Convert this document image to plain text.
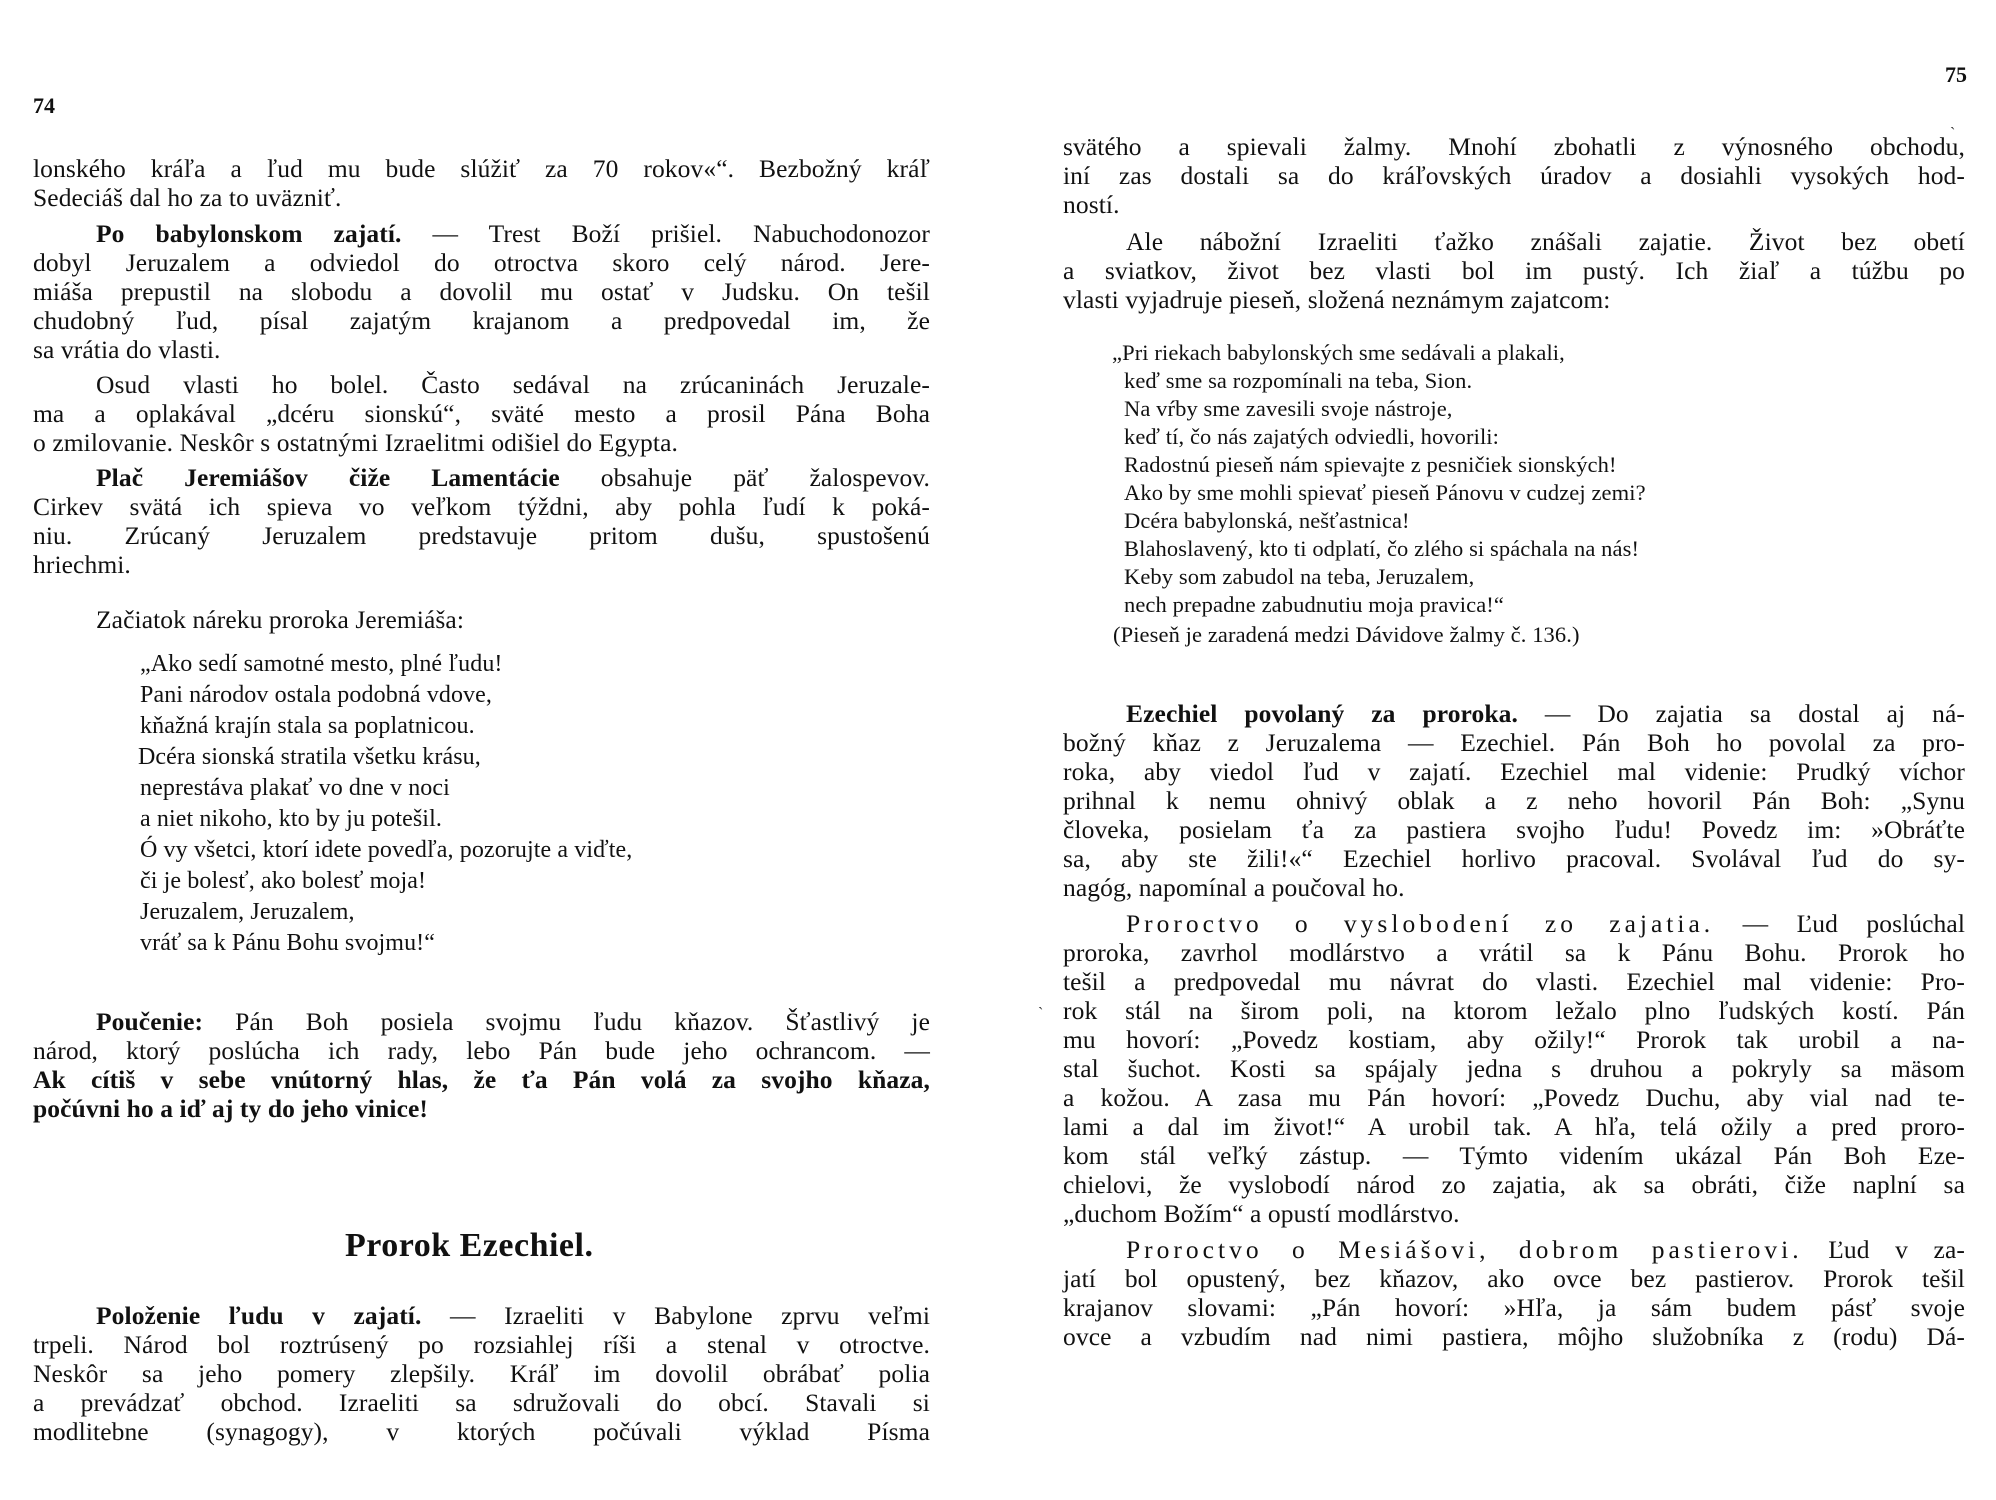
74
Prorok Ezechiel.
lonského kráľa a ľud mu bude slúžiť za 70 rokov«“. Bezbožný kráľ
Sedeciáš dal ho za to uväzniť.
Po babylonskom zajatí. — Trest Boží prišiel. Nabuchodonozor
dobyl Jeruzalem a odviedol do otroctva skoro celý národ. Jere-
miáša prepustil na slobodu a dovolil mu ostať v Judsku. On tešil
chudobný ľud, písal zajatým krajanom a predpovedal im, že
sa vrátia do vlasti.
Osud vlasti ho bolel. Často sedával na zrúcaninách Jeruzale-
ma a oplakával „dcéru sionskú“, sväté mesto a prosil Pána Boha
o zmilovanie. Neskôr s ostatnými Izraelitmi odišiel do Egypta.
Plač Jeremiášov čiže Lamentácie obsahuje päť žalospevov.
Cirkev svätá ich spieva vo veľkom týždni, aby pohla ľudí k poká-
niu. Zrúcaný Jeruzalem predstavuje pritom dušu, spustošenú
hriechmi.
Začiatok náreku proroka Jeremiáša:
„Ako sedí samotné mesto, plné ľudu!
Pani národov ostala podobná vdove,
kňažná krajín stala sa poplatnicou.
Dcéra sionská stratila všetku krásu,
neprestáva plakať vo dne v noci
a niet nikoho, kto by ju potešil.
Ó vy všetci, ktorí idete povedľa, pozorujte a viďte,
či je bolesť, ako bolesť moja!
Jeruzalem, Jeruzalem,
vráť sa k Pánu Bohu svojmu!“
Poučenie: Pán Boh posiela svojmu ľudu kňazov. Šťastlivý je
národ, ktorý poslúcha ich rady, lebo Pán bude jeho ochrancom. —
Ak cítiš v sebe vnútorný hlas, že ťa Pán volá za svojho kňaza,
počúvni ho a iď aj ty do jeho vinice!
Položenie ľudu v zajatí. — Izraeliti v Babylone zprvu veľmi
trpeli. Národ bol roztrúsený po rozsiahlej ríši a stenal v otroctve.
Neskôr sa jeho pomery zlepšily. Kráľ im dovolil obrábať polia
a prevádzať obchod. Izraeliti sa sdružovali do obcí. Stavali si
modlitebne (synagogy), v ktorých počúvali výklad Písma
75
ˎ
ˎ
svätého a spievali žalmy. Mnohí zbohatli z výnosného obchodu,
iní zas dostali sa do kráľovských úradov a dosiahli vysokých hod-
ností.
Ale nábožní Izraeliti ťažko znášali zajatie. Život bez obetí
a sviatkov, život bez vlasti bol im pustý. Ich žiaľ a túžbu po
vlasti vyjadruje pieseň, složená neznámym zajatcom:
„Pri riekach babylonských sme sedávali a plakali,
keď sme sa rozpomínali na teba, Sion.
Na vŕby sme zavesili svoje nástroje,
keď tí, čo nás zajatých odviedli, hovorili:
Radostnú pieseň nám spievajte z pesničiek sionských!
Ako by sme mohli spievať pieseň Pánovu v cudzej zemi?
Dcéra babylonská, nešťastnica!
Blahoslavený, kto ti odplatí, čo zlého si spáchala na nás!
Keby som zabudol na teba, Jeruzalem,
nech prepadne zabudnutiu moja pravica!“
(Pieseň je zaradená medzi Dávidove žalmy č. 136.)
Ezechiel povolaný za proroka. — Do zajatia sa dostal aj ná-
božný kňaz z Jeruzalema — Ezechiel. Pán Boh ho povolal za pro-
roka, aby viedol ľud v zajatí. Ezechiel mal videnie: Prudký víchor
prihnal k nemu ohnivý oblak a z neho hovoril Pán Boh: „Synu
človeka, posielam ťa za pastiera svojho ľudu! Povedz im: »Obráťte
sa, aby ste žili!«“ Ezechiel horlivo pracoval. Svolával ľud do sy-
nagóg, napomínal a poučoval ho.
Proroctvo o vyslobodení zo zajatia. — Ľud poslúchal
proroka, zavrhol modlárstvo a vrátil sa k Pánu Bohu. Prorok ho
tešil a predpovedal mu návrat do vlasti. Ezechiel mal videnie: Pro-
rok stál na širom poli, na ktorom ležalo plno ľudských kostí. Pán
mu hovorí: „Povedz kostiam, aby ožily!“ Prorok tak urobil a na-
stal šuchot. Kosti sa spájaly jedna s druhou a pokryly sa mäsom
a kožou. A zasa mu Pán hovorí: „Povedz Duchu, aby vial nad te-
lami a dal im život!“ A urobil tak. A hľa, telá ožily a pred proro-
kom stál veľký zástup. — Týmto videním ukázal Pán Boh Eze-
chielovi, že vyslobodí národ zo zajatia, ak sa obráti, čiže naplní sa
„duchom Božím“ a opustí modlárstvo.
Proroctvo o Mesiášovi, dobrom pastierovi. Ľud v za-
jatí bol opustený, bez kňazov, ako ovce bez pastierov. Prorok tešil
krajanov slovami: „Pán hovorí: »Hľa, ja sám budem pásť svoje
ovce a vzbudím nad nimi pastiera, môjho služobníka z (rodu) Dá-
